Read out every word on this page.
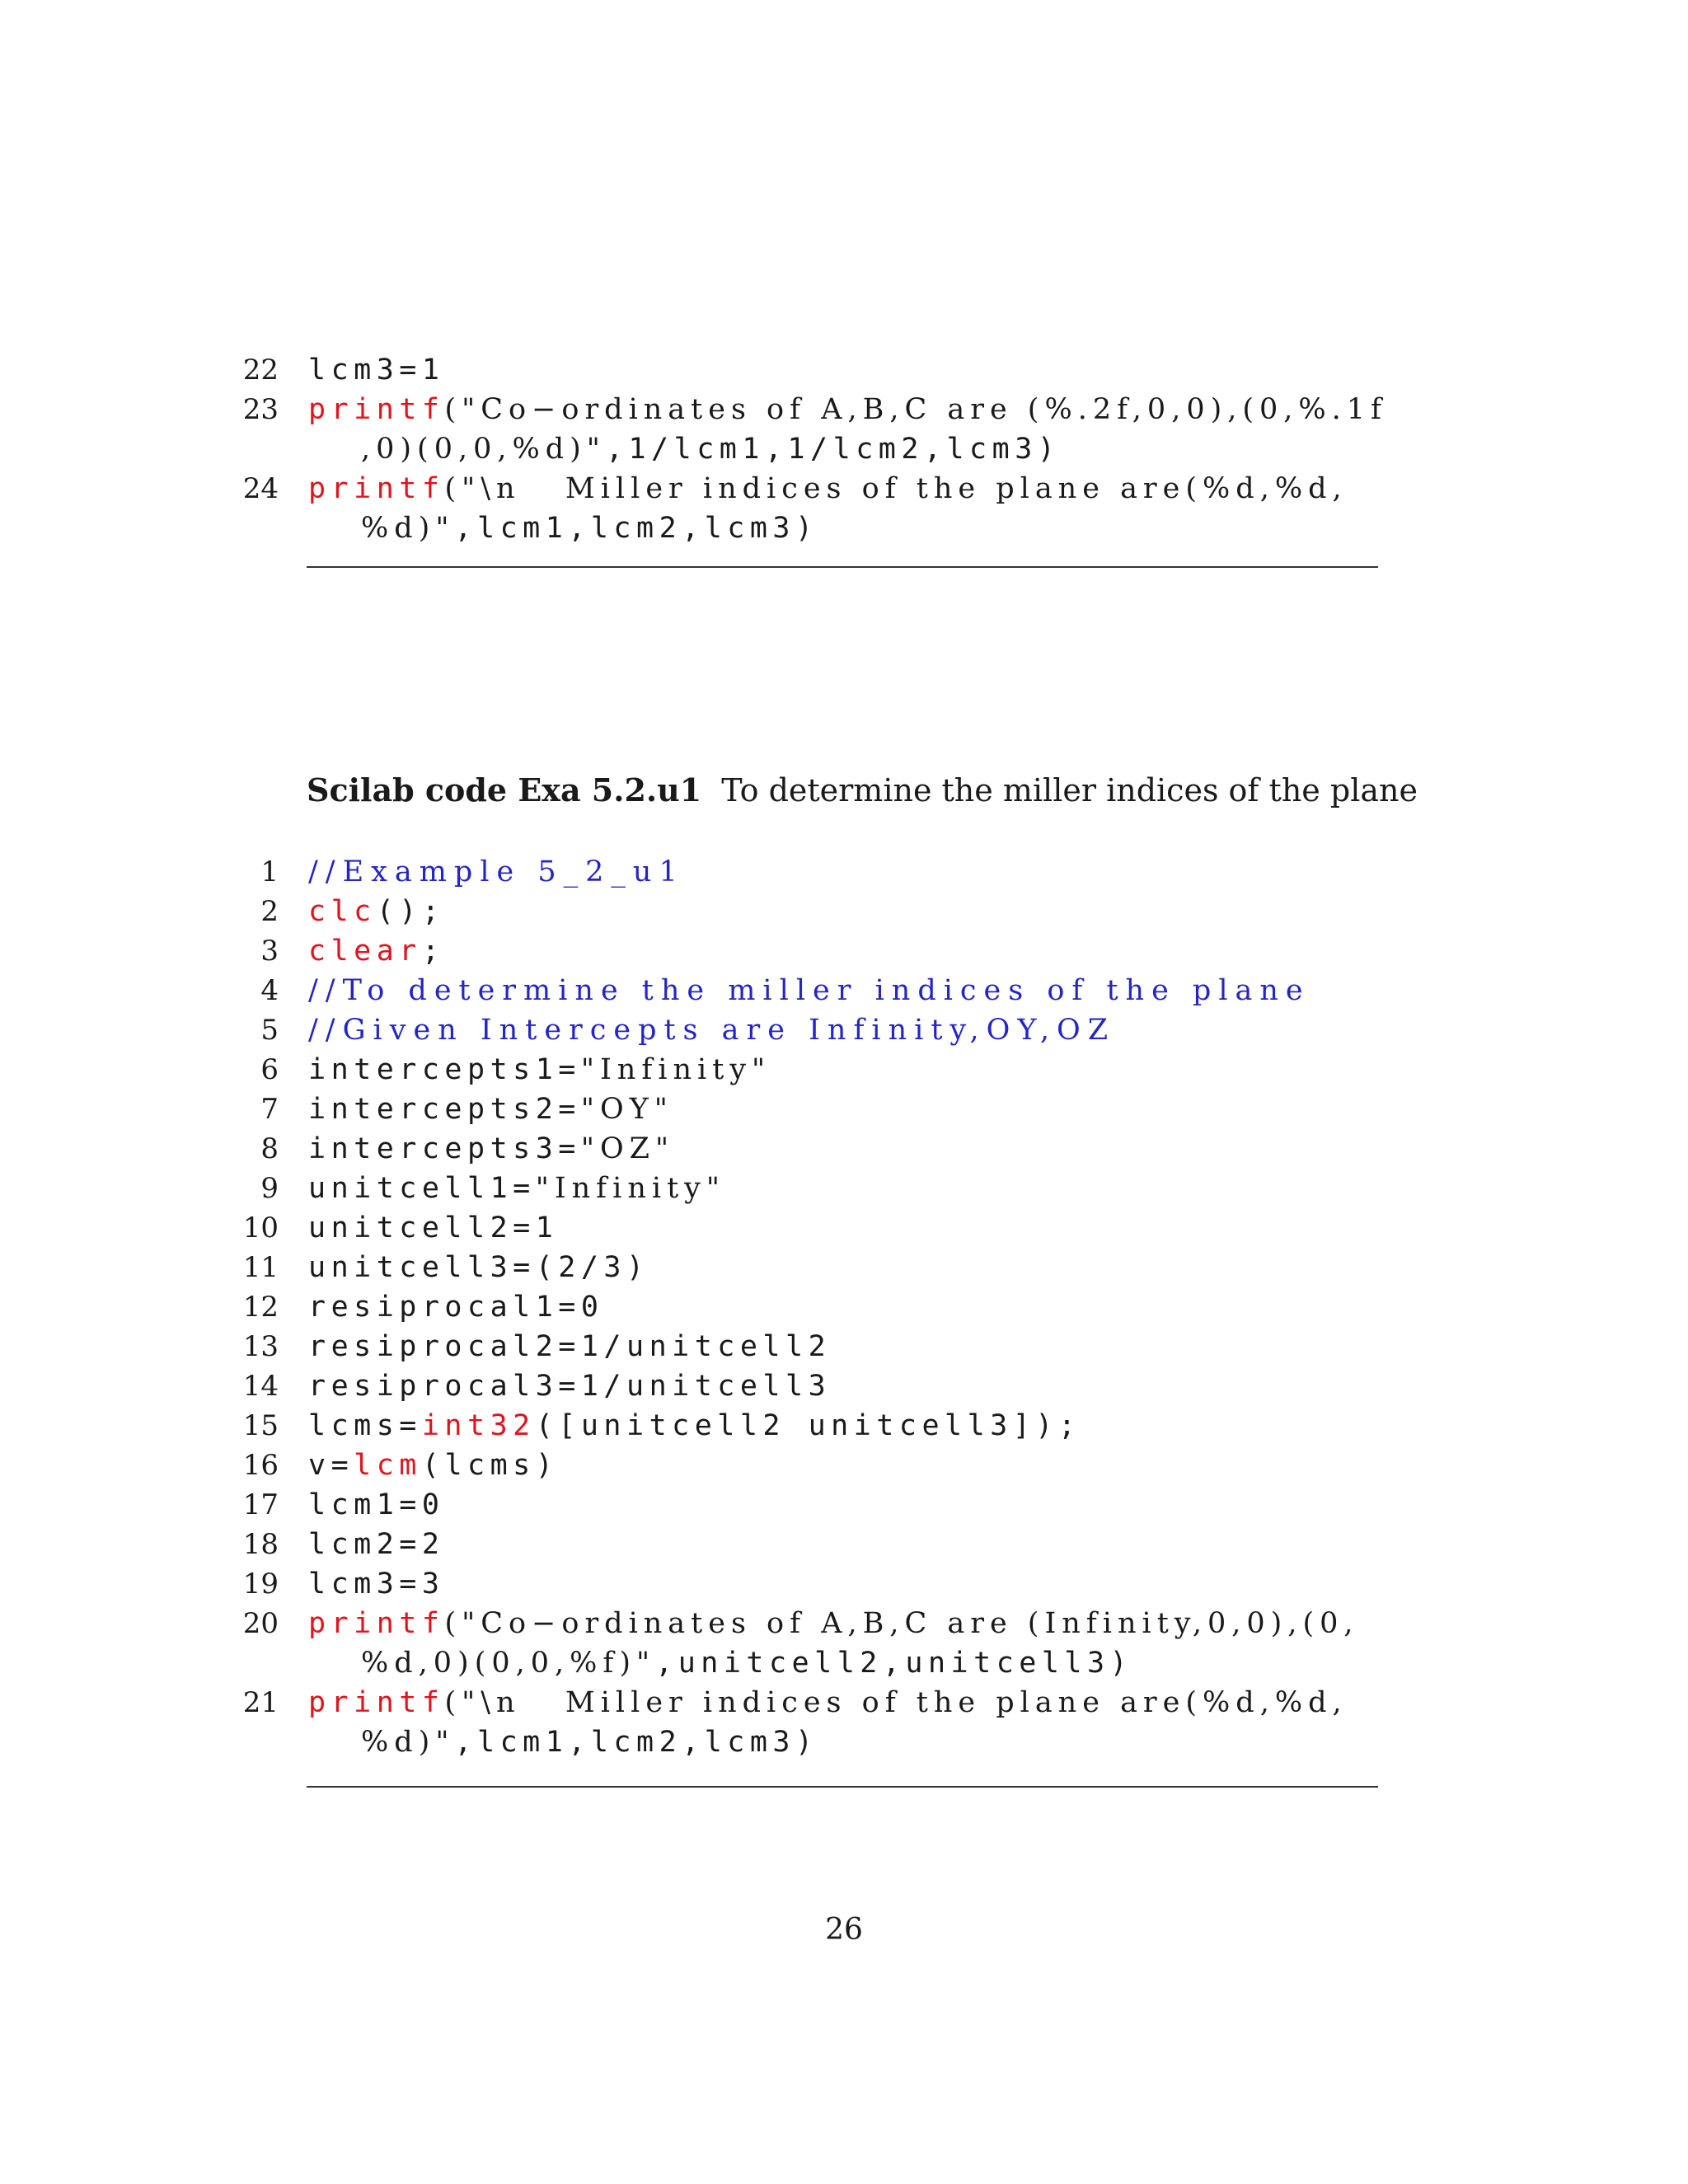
22 lcm3=1
23 printf("Co−ordinates of A,B,C are (%.2f,0,0),(0,%.1f
,0)(0,0,%d)",1/lcm1,1/lcm2,lcm3)
24 printf("\n   Miller indices of the plane are(%d,%d,
%d)",lcm1,lcm2,lcm3)
Scilab code Exa 5.2.u1 To determine the miller indices of the plane
1 //Example 5_2_u1
2 clc();
3 clear;
4 //To determine the miller indices of the plane
5 //Given Intercepts are Infinity,OY,OZ
6 intercepts1="Infinity"
7 intercepts2="OY"
8 intercepts3="OZ"
9 unitcell1="Infinity"
10 unitcell2=1
11 unitcell3=(2/3)
12 resiprocal1=0
13 resiprocal2=1/unitcell2
14 resiprocal3=1/unitcell3
15 lcms=int32([unitcell2 unitcell3]);
16 v=lcm(lcms)
17 lcm1=0
18 lcm2=2
19 lcm3=3
20 printf("Co−ordinates of A,B,C are (Infinity,0,0),(0,
%d,0)(0,0,%f)",unitcell2,unitcell3)
21 printf("\n   Miller indices of the plane are(%d,%d,
%d)",lcm1,lcm2,lcm3)
26
